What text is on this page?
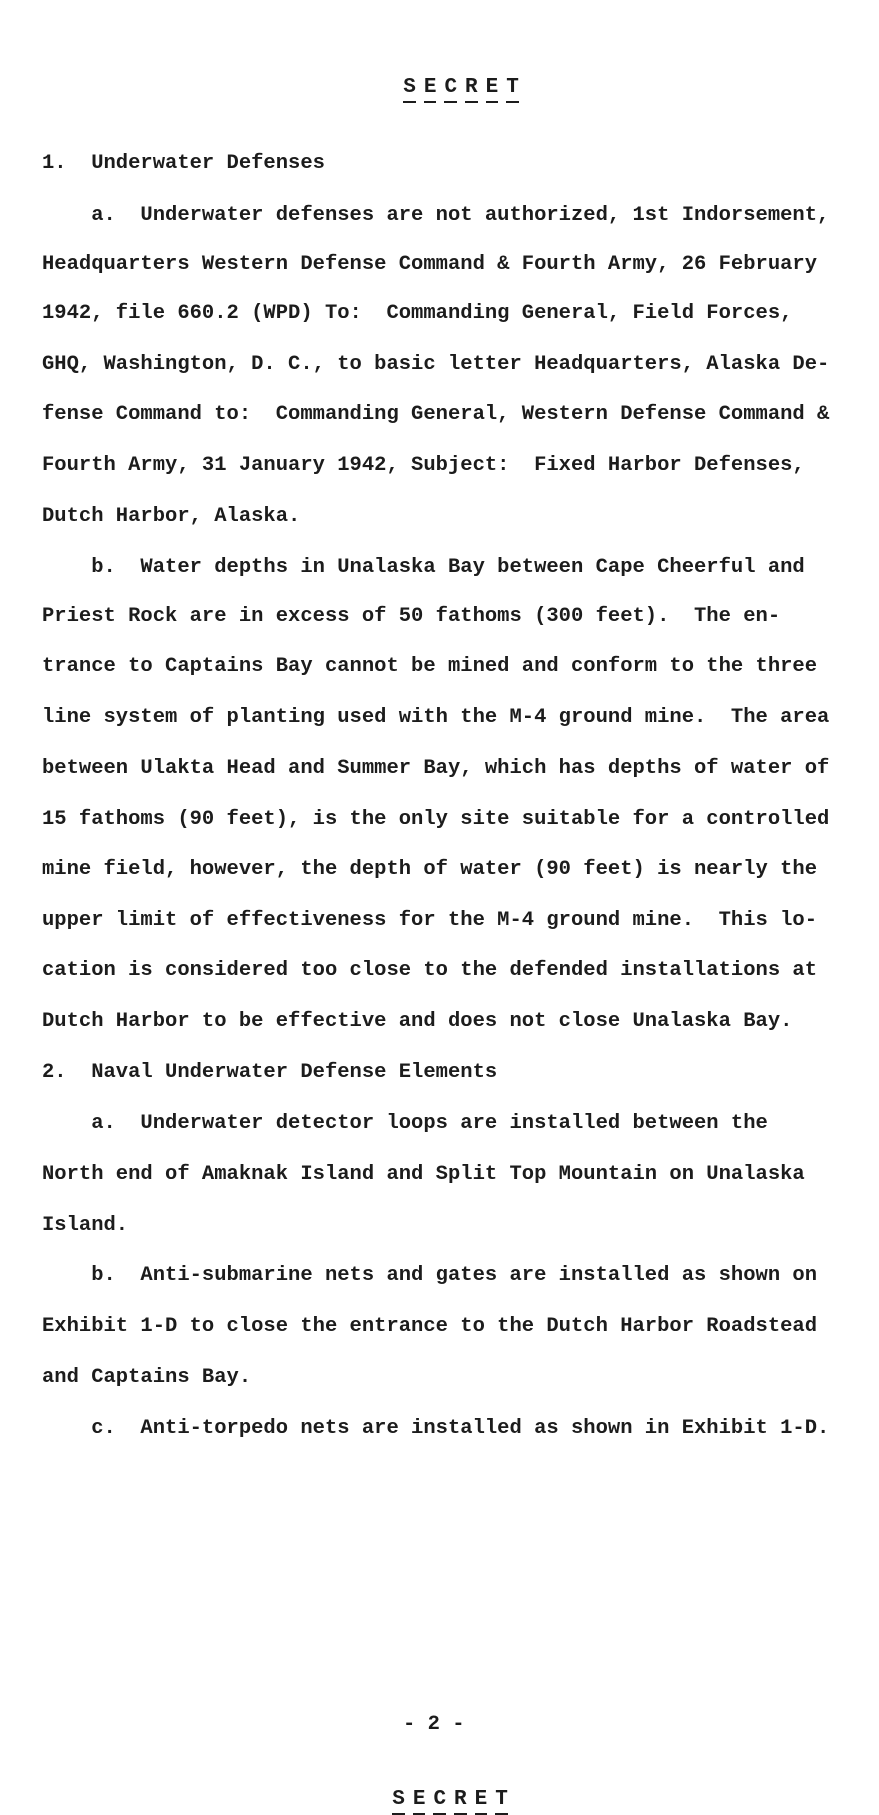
S E C R E T

1.  Underwater Defenses
a.  Underwater defenses are not authorized, 1st Indorsement,
Headquarters Western Defense Command & Fourth Army, 26 February
1942, file 660.2 (WPD) To:  Commanding General, Field Forces,
GHQ, Washington, D. C., to basic letter Headquarters, Alaska De-
fense Command to:  Commanding General, Western Defense Command &
Fourth Army, 31 January 1942, Subject:  Fixed Harbor Defenses,
Dutch Harbor, Alaska.
b.  Water depths in Unalaska Bay between Cape Cheerful and
Priest Rock are in excess of 50 fathoms (300 feet).  The en-
trance to Captains Bay cannot be mined and conform to the three
line system of planting used with the M-4 ground mine.  The area
between Ulakta Head and Summer Bay, which has depths of water of
15 fathoms (90 feet), is the only site suitable for a controlled
mine field, however, the depth of water (90 feet) is nearly the
upper limit of effectiveness for the M-4 ground mine.  This lo-
cation is considered too close to the defended installations at
Dutch Harbor to be effective and does not close Unalaska Bay.
2.  Naval Underwater Defense Elements
a.  Underwater detector loops are installed between the
North end of Amaknak Island and Split Top Mountain on Unalaska
Island.
b.  Anti-submarine nets and gates are installed as shown on
Exhibit 1-D to close the entrance to the Dutch Harbor Roadstead
and Captains Bay.
c.  Anti-torpedo nets are installed as shown in Exhibit 1-D.
- 2 -

S E C R E T
